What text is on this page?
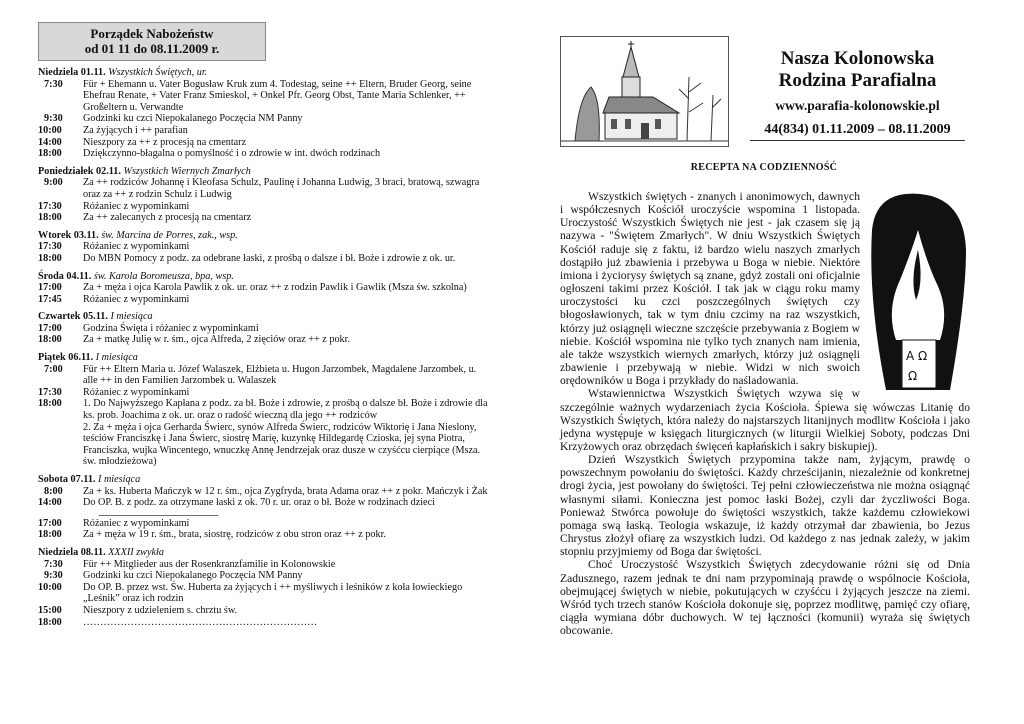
Porządek Nabożeństw
od 01 11 do 08.11.2009 r.
Niedziela 01.11. Wszystkich Świętych, ur.
7:30	Für + Ehemann u. Vater Bogusław Kruk zum 4. Todestag, seine ++ Eltern, Bruder Georg, seine Ehefrau Renate, + Vater Franz Smieskol, + Onkel Pfr. Georg Obst, Tante Maria Schlenker, ++ Großeltern u. Verwandte
9:30	Godzinki ku czci Niepokalanego Poczęcia NM Panny
10:00	Za żyjących i ++ parafian
14:00	Nieszpory za ++ z procesją na cmentarz
18:00	Dziękczynno-błagalna o pomyślność i o zdrowie w int. dwóch rodzinach
Poniedziałek 02.11. Wszystkich Wiernych Zmarłych
9:00	Za ++ rodziców Johannę i Kleofasa Schulz, Paulinę i Johanna Ludwig, 3 braci, bratową, szwagra oraz za ++ z rodzin Schulz i Ludwig
17:30	Różaniec z wypominkami
18:00	Za ++ zalecanych z procesją na cmentarz
Wtorek 03.11. św. Marcina de Porres, zak., wsp.
17:30	Różaniec z wypominkami
18:00	Do MBN Pomocy z podz. za odebrane łaski, z prośbą o dalsze i bł. Boże i zdrowie z ok. ur.
Środa 04.11. św. Karola Boromeusza, bpa, wsp.
17:00	Za + męża i ojca Karola Pawlik z ok. ur. oraz ++ z rodzin Pawlik i Gawlik (Msza św. szkolna)
17:45	Różaniec z wypominkami
Czwartek 05.11. I miesiąca
17:00	Godzina Święta i różaniec z wypominkami
18:00	Za + matkę Julię w r. śm., ojca Alfreda, 2 zięciów oraz ++ z pokr.
Piątek 06.11. I miesiąca
7:00	Für ++ Eltern Maria u. Józef Walaszek, Elżbieta u. Hugon Jarzombek, Magdalene Jarzombek, u. alle ++ in den Familien Jarzombek u. Walaszek
17:30	Różaniec z wypominkami
18:00	1. Do Najwyższego Kapłana z podz. za bł. Boże i zdrowie, z prośbą o dalsze bł. Boże i zdrowie dla ks. prob. Joachima z ok. ur. oraz o radość wieczną dla jego ++ rodziców
2. Za + męża i ojca Gerharda Świerc, synów Alfreda Świerc, rodziców Wiktorię i Jana Nieslony, teściów Franciszkę i Jana Świerc, siostrę Marię, kuzynkę Hildegardę Czioska, jej syna Piotra, Franciszka, wujka Wincentego, wnuczkę Annę Jendrzejak oraz dusze w czyśćcu cierpiące (Msza. św. młodzieżowa)
Sobota 07.11. I miesiąca
8:00	Za + ks. Huberta Mańczyk w 12 r. śm., ojca Zygfryda, brata Adama oraz ++ z pokr. Mańczyk i Żak
14:00	Do OP. B. z podz. za otrzymane łaski z ok. 70 r. ur. oraz o bł. Boże w rodzinach dzieci
........................................................................................................................
17:00	Różaniec z wypominkami
18:00	Za + męża w 19 r. śm., brata, siostrę, rodziców z obu stron oraz ++ z pokr.
Niedziela 08.11. XXXII zwykła
7:30	Für ++ Mitglieder aus der Rosenkranzfamilie in Kolonowskie
9:30	Godzinki ku czci Niepokalanego Poczęcia NM Panny
10:00	Do OP. B. przez wst. Św. Huberta za żyjących i ++ myśliwych i leśników z koła łowieckiego „Leśnik” oraz ich rodzin
15:00	Nieszpory z udzieleniem s. chrztu św.
18:00	……………………………………………………………
Nasza Kolonowska
Rodzina Parafialna
www.parafia-kolonowskie.pl
44(834) 01.11.2009 – 08.11.2009
RECEPTA NA CODZIENNOŚĆ
A Ω
Ω

Wszystkich świętych - znanych i anonimowych, dawnych i współczesnych Kościół uroczyście wspomina 1 listopada. Uroczystość Wszystkich Świętych nie jest - jak czasem się ją nazywa - "Świętem Zmarłych". W dniu Wszystkich Świętych Kościół raduje się z faktu, iż bardzo wielu naszych zmarłych dostąpiło już zbawienia i przebywa u Boga w niebie. Niektóre imiona i życiorysy świętych są znane, gdyż zostali oni oficjalnie ogłoszeni takimi przez Kościół. I tak jak w ciągu roku mamy uroczystości ku czci poszczególnych świętych czy błogosławionych, tak w tym dniu czcimy na raz wszystkich, którzy już osiągnęli wieczne szczęście przebywania z Bogiem w niebie. Kościół wspomina nie tylko tych znanych nam imienia, ale także wszystkich wiernych zmarłych, którzy już osiągnęli zbawienie i przebywają w niebie. Widzi w nich swoich orędowników u Boga i przykłady do naśladowania.

Wstawiennictwa Wszystkich Świętych wzywa się w szczególnie ważnych wydarzeniach życia Kościoła. Śpiewa się wówczas Litanię do Wszystkich Świętych, która należy do najstarszych litanijnych modlitw Kościoła i jako jedyna występuje w księgach liturgicznych (w liturgii Wielkiej Soboty, podczas Dni Krzyżowych oraz obrzędach święceń kapłańskich i sakry biskupiej).

Dzień Wszystkich Świętych przypomina także nam, żyjącym, prawdę o powszechnym powołaniu do świętości. Każdy chrześcijanin, niezależnie od konkretnej drogi życia, jest powołany do świętości. Tej pełni człowieczeństwa nie można osiągnąć własnymi siłami. Konieczna jest pomoc łaski Bożej, czyli dar życzliwości Boga. Ponieważ Stwórca powołuje do świętości wszystkich, także każdemu człowiekowi pomaga swą łaską. Teologia wskazuje, iż każdy otrzymał dar zbawienia, bo Jezus Chrystus złożył ofiarę za wszystkich ludzi. Od każdego z nas jednak zależy, w jakim stopniu przyjmiemy od Boga dar świętości.

Choć Uroczystość Wszystkich Świętych zdecydowanie różni się od Dnia Zadusznego, razem jednak te dni nam przypominają prawdę o wspólnocie Kościoła, obejmującej świętych w niebie, pokutujących w czyśćcu i żyjących jeszcze na ziemi. Wśród tych trzech stanów Kościoła dokonuje się, poprzez modlitwę, pamięć czy ofiarę, ciągła wymiana dóbr duchowych. W tej łączności (komunii) wyraża się świętych obcowanie.
